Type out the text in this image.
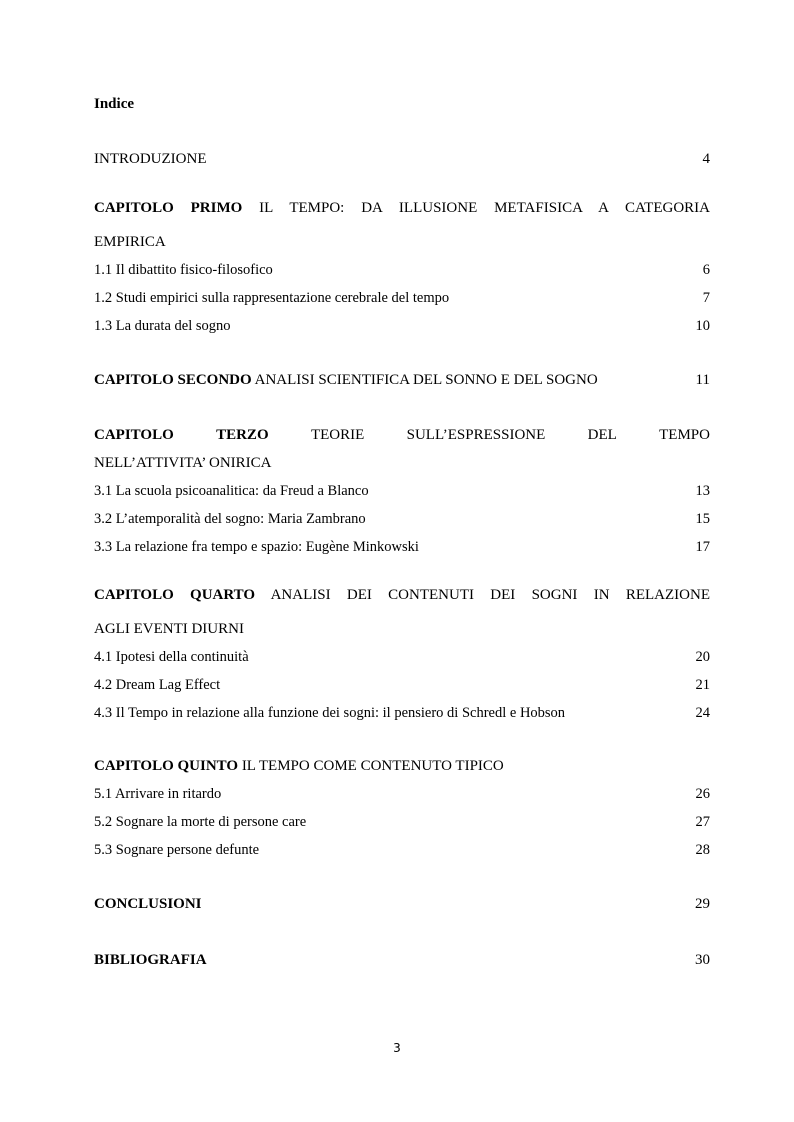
Indice
INTRODUZIONE	4
CAPITOLO PRIMO IL TEMPO: DA ILLUSIONE METAFISICA A CATEGORIA
EMPIRICA
1.1 Il dibattito fisico-filosofico	6
1.2 Studi empirici sulla rappresentazione cerebrale del tempo	7
1.3 La durata del sogno	10
CAPITOLO SECONDO ANALISI SCIENTIFICA DEL SONNO E DEL SOGNO	11
CAPITOLO	TERZO	TEORIE	SULL’ESPRESSIONE	DEL	TEMPO
NELL’ATTIVITA’ ONIRICA
3.1 La scuola psicoanalitica: da Freud a Blanco	13
3.2 L’atemporalità del sogno: Maria Zambrano	15
3.3 La relazione fra tempo e spazio: Eugène Minkowski	17
CAPITOLO QUARTO ANALISI DEI CONTENUTI DEI SOGNI IN RELAZIONE
AGLI EVENTI DIURNI
4.1 Ipotesi della continuità	20
4.2 Dream Lag Effect	21
4.3 Il Tempo in relazione alla funzione dei sogni: il pensiero di Schredl e Hobson	24
CAPITOLO QUINTO IL TEMPO COME CONTENUTO TIPICO
5.1 Arrivare in ritardo	26
5.2 Sognare la morte di persone care	27
5.3 Sognare persone defunte	28
CONCLUSIONI	29
BIBLIOGRAFIA	30
3
